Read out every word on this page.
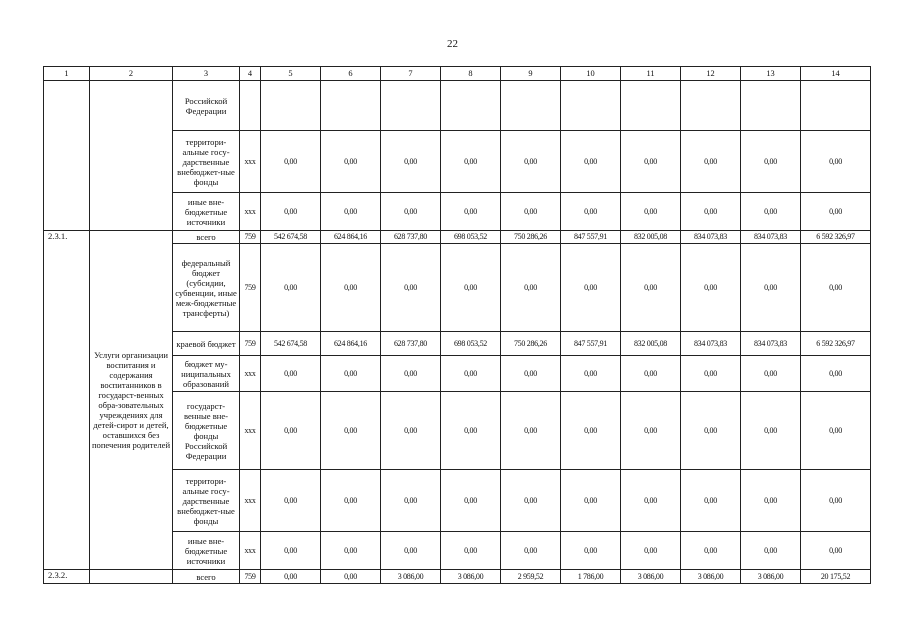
22
1	2	3	4	5	6	7	8	9	10	11	12	13	14
		Российской Федерации											
		территори-альные госу-дарственные внебюджет-ные фонды	ххх	0,00	0,00	0,00	0,00	0,00	0,00	0,00	0,00	0,00	0,00
		иные вне-бюджетные источники	ххх	0,00	0,00	0,00	0,00	0,00	0,00	0,00	0,00	0,00	0,00
2.3.1.	Услуги организации воспитания и содержания воспитанников в государст-венных обра-зовательных учреждениях для детей-сирот и детей, оставшихся без попечения родителей	всего	759	542 674,58	624 864,16	628 737,80	698 053,52	750 286,26	847 557,91	832 005,08	834 073,83	834 073,83	6 592 326,97
		федеральный бюджет (субсидии, субвенции, иные меж-бюджетные трансферты)	759	0,00	0,00	0,00	0,00	0,00	0,00	0,00	0,00	0,00	0,00
		краевой бюджет	759	542 674,58	624 864,16	628 737,80	698 053,52	750 286,26	847 557,91	832 005,08	834 073,83	834 073,83	6 592 326,97
		бюджет му-ниципальных образований	ххх	0,00	0,00	0,00	0,00	0,00	0,00	0,00	0,00	0,00	0,00
		государст-венные вне-бюджетные фонды Российской Федерации	ххх	0,00	0,00	0,00	0,00	0,00	0,00	0,00	0,00	0,00	0,00
		территори-альные госу-дарственные внебюджет-ные фонды	ххх	0,00	0,00	0,00	0,00	0,00	0,00	0,00	0,00	0,00	0,00
		иные вне-бюджетные источники	ххх	0,00	0,00	0,00	0,00	0,00	0,00	0,00	0,00	0,00	0,00
2.3.2.		всего	759	0,00	0,00	3 086,00	3 086,00	2 959,52	1 786,00	3 086,00	3 086,00	3 086,00	20 175,52
